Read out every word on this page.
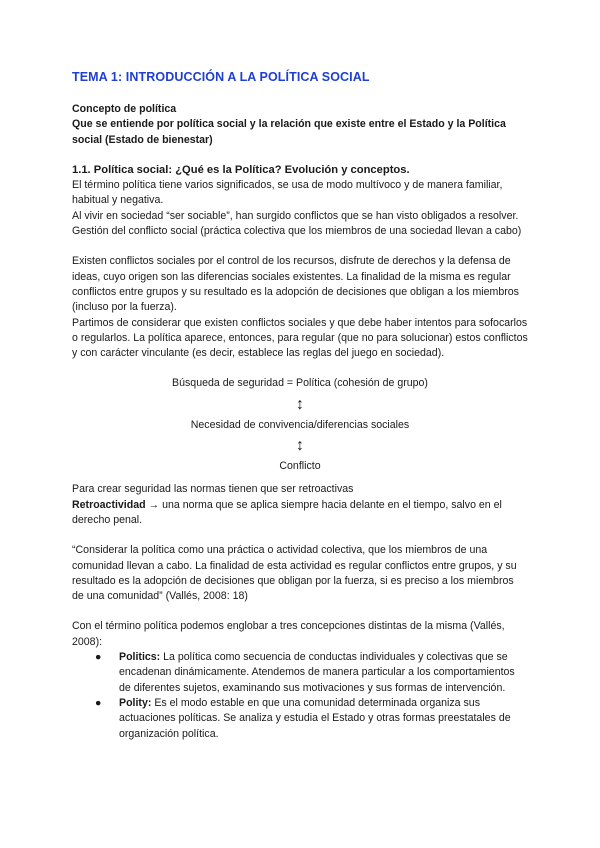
TEMA 1: INTRODUCCIÓN A LA POLÍTICA SOCIAL

Concepto de política

Que se entiende por política social y la relación que existe entre el Estado y la Política social (Estado de bienestar)

1.1. Política social: ¿Qué es la Política? Evolución y conceptos.

El término política tiene varios significados, se usa de modo multívoco y de manera familiar, habitual y negativa.

Al vivir en sociedad “ser sociable”, han surgido conflictos que se han visto obligados a resolver. Gestión del conflicto social (práctica colectiva que los miembros de una sociedad llevan a cabo)

Existen conflictos sociales por el control de los recursos, disfrute de derechos y la defensa de ideas, cuyo origen son las diferencias sociales existentes. La finalidad de la misma es regular conflictos entre grupos y su resultado es la adopción de decisiones que obligan a los miembros (incluso por la fuerza).

Partimos de considerar que existen conflictos sociales y que debe haber intentos para sofocarlos o regularlos. La política aparece, entonces, para regular (que no para solucionar) estos conflictos y con carácter vinculante (es decir, establece las reglas del juego en sociedad).

Búsqueda de seguridad = Política (cohesión de grupo)

↕

Necesidad de convivencia/diferencias sociales

↕

Conflicto

Para crear seguridad las normas tienen que ser retroactivas

Retroactividad → una norma que se aplica siempre hacia delante en el tiempo, salvo en el derecho penal.

“Considerar la política como una práctica o actividad colectiva, que los miembros de una comunidad llevan a cabo. La finalidad de esta actividad es regular conflictos entre grupos, y su resultado es la adopción de decisiones que obligan por la fuerza, si es preciso a los miembros de una comunidad” (Vallés, 2008: 18)

Con el término política podemos englobar a tres concepciones distintas de la misma (Vallés, 2008):

● Politics: La política como secuencia de conductas individuales y colectivas que se encadenan dinámicamente. Atendemos de manera particular a los comportamientos de diferentes sujetos, examinando sus motivaciones y sus formas de intervención.
● Polity: Es el modo estable en que una comunidad determinada organiza sus actuaciones políticas. Se analiza y estudia el Estado y otras formas preestatales de organización política.
